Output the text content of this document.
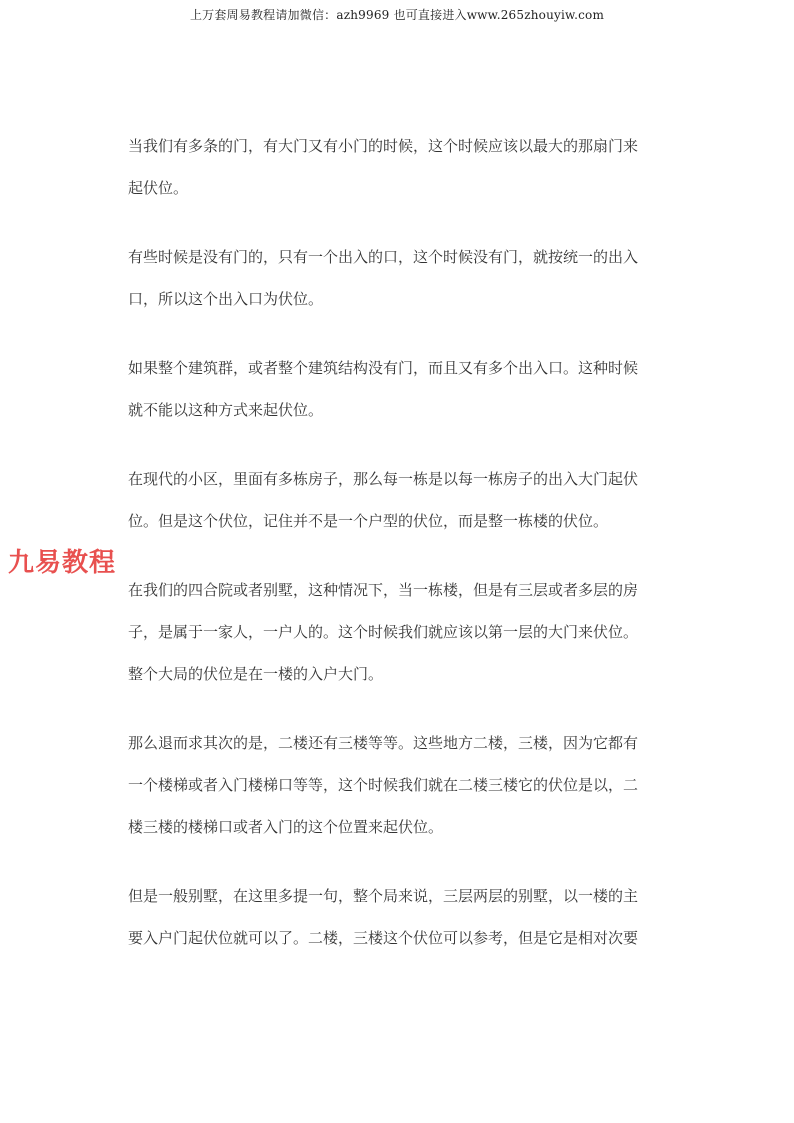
上万套周易教程请加微信：azh9969 也可直接进入www.265zhouyiw.com
九易教程
当我们有多条的门，有大门又有小门的时候，这个时候应该以最大的那扇门来
起伏位。
有些时候是没有门的，只有一个出入的口，这个时候没有门，就按统一的出入
口，所以这个出入口为伏位。
如果整个建筑群，或者整个建筑结构没有门，而且又有多个出入口。这种时候
就不能以这种方式来起伏位。
在现代的小区，里面有多栋房子，那么每一栋是以每一栋房子的出入大门起伏
位。但是这个伏位，记住并不是一个户型的伏位，而是整一栋楼的伏位。
在我们的四合院或者别墅，这种情况下，当一栋楼，但是有三层或者多层的房
子，是属于一家人，一户人的。这个时候我们就应该以第一层的大门来伏位。
整个大局的伏位是在一楼的入户大门。
那么退而求其次的是，二楼还有三楼等等。这些地方二楼，三楼，因为它都有
一个楼梯或者入门楼梯口等等，这个时候我们就在二楼三楼它的伏位是以，二
楼三楼的楼梯口或者入门的这个位置来起伏位。
但是一般别墅，在这里多提一句，整个局来说，三层两层的别墅，以一楼的主
要入户门起伏位就可以了。二楼，三楼这个伏位可以参考，但是它是相对次要
